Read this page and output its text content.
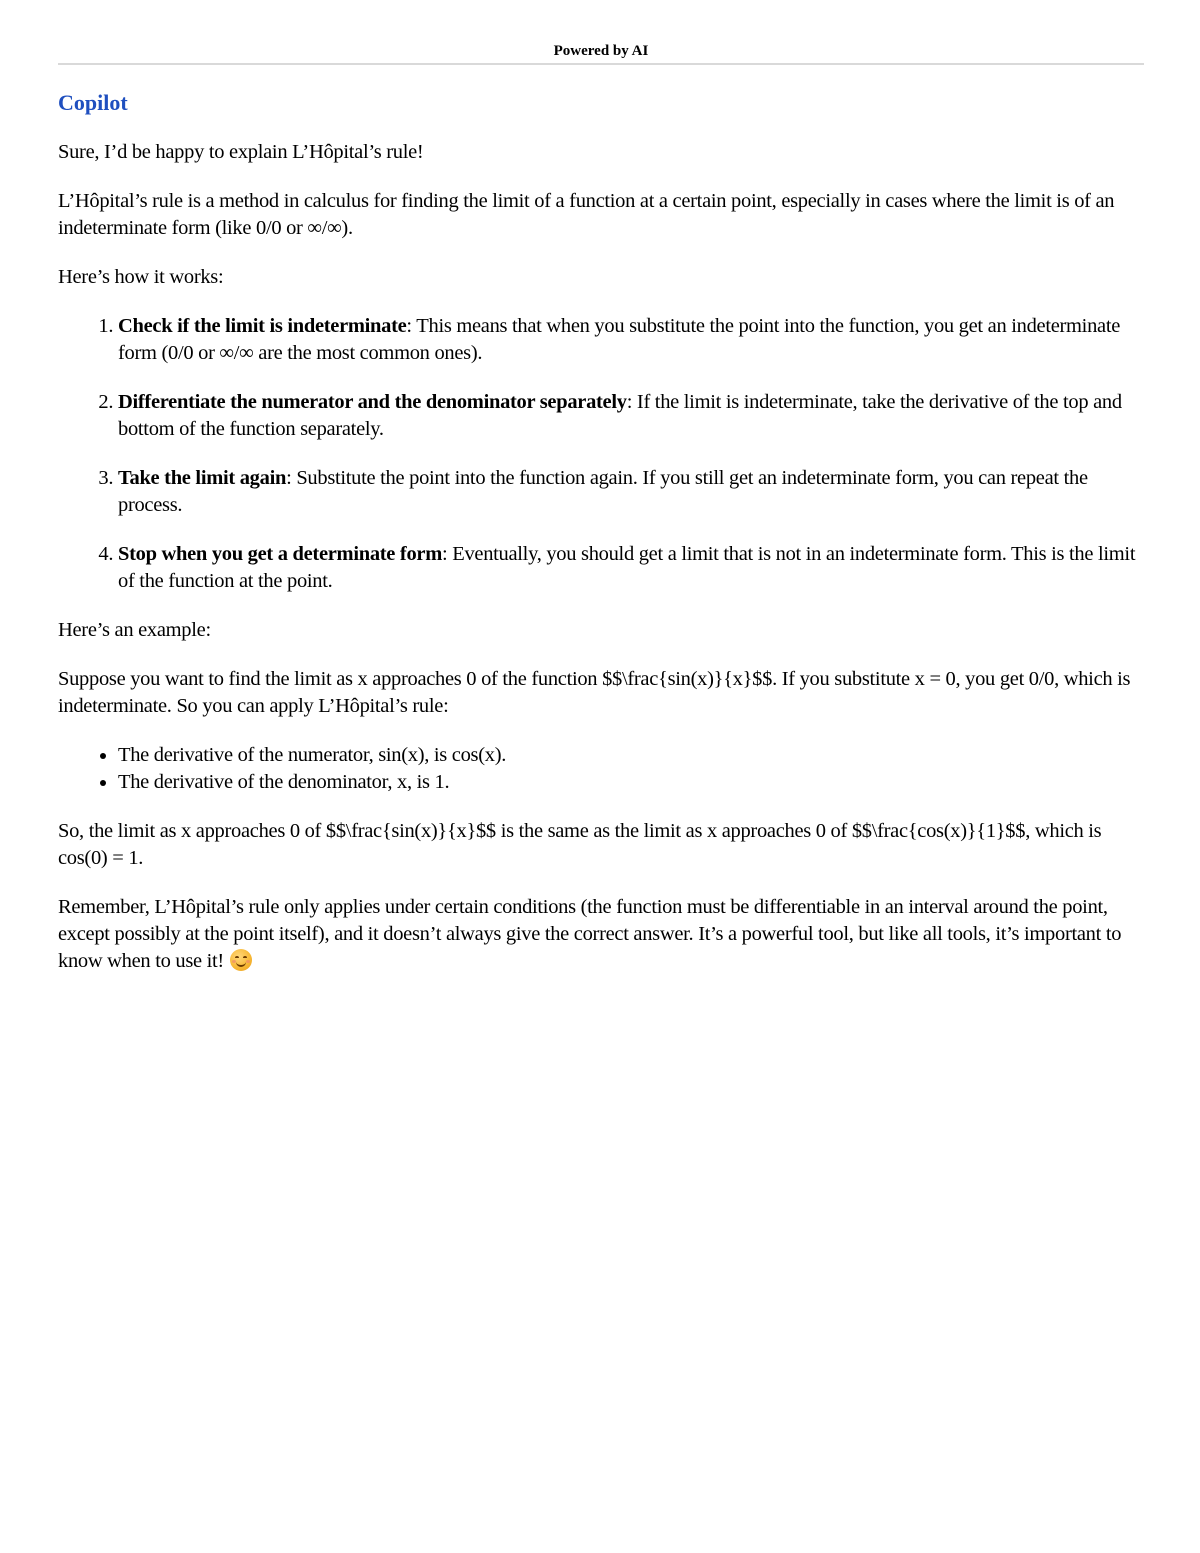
Powered by AI
Copilot

Sure, I’d be happy to explain L’Hôpital’s rule!

L’Hôpital’s rule is a method in calculus for finding the limit of a function at a certain point, especially in cases where the limit is of an indeterminate form (like 0/0 or ∞/∞).

Here’s how it works:

1. Check if the limit is indeterminate: This means that when you substitute the point into the function, you get an indeterminate form (0/0 or ∞/∞ are the most common ones).
2. Differentiate the numerator and the denominator separately: If the limit is indeterminate, take the derivative of the top and bottom of the function separately.
3. Take the limit again: Substitute the point into the function again. If you still get an indeterminate form, you can repeat the process.
4. Stop when you get a determinate form: Eventually, you should get a limit that is not in an indeterminate form. This is the limit of the function at the point.

Here’s an example:

Suppose you want to find the limit as x approaches 0 of the function $$\frac{sin(x)}{x}$$. If you substitute x = 0, you get 0/0, which is indeterminate. So you can apply L’Hôpital’s rule:

• The derivative of the numerator, sin(x), is cos(x).
• The derivative of the denominator, x, is 1.

So, the limit as x approaches 0 of $$\frac{sin(x)}{x}$$ is the same as the limit as x approaches 0 of $$\frac{cos(x)}{1}$$, which is cos(0) = 1.

Remember, L’Hôpital’s rule only applies under certain conditions (the function must be differentiable in an interval around the point, except possibly at the point itself), and it doesn’t always give the correct answer. It’s a powerful tool, but like all tools, it’s important to know when to use it!
